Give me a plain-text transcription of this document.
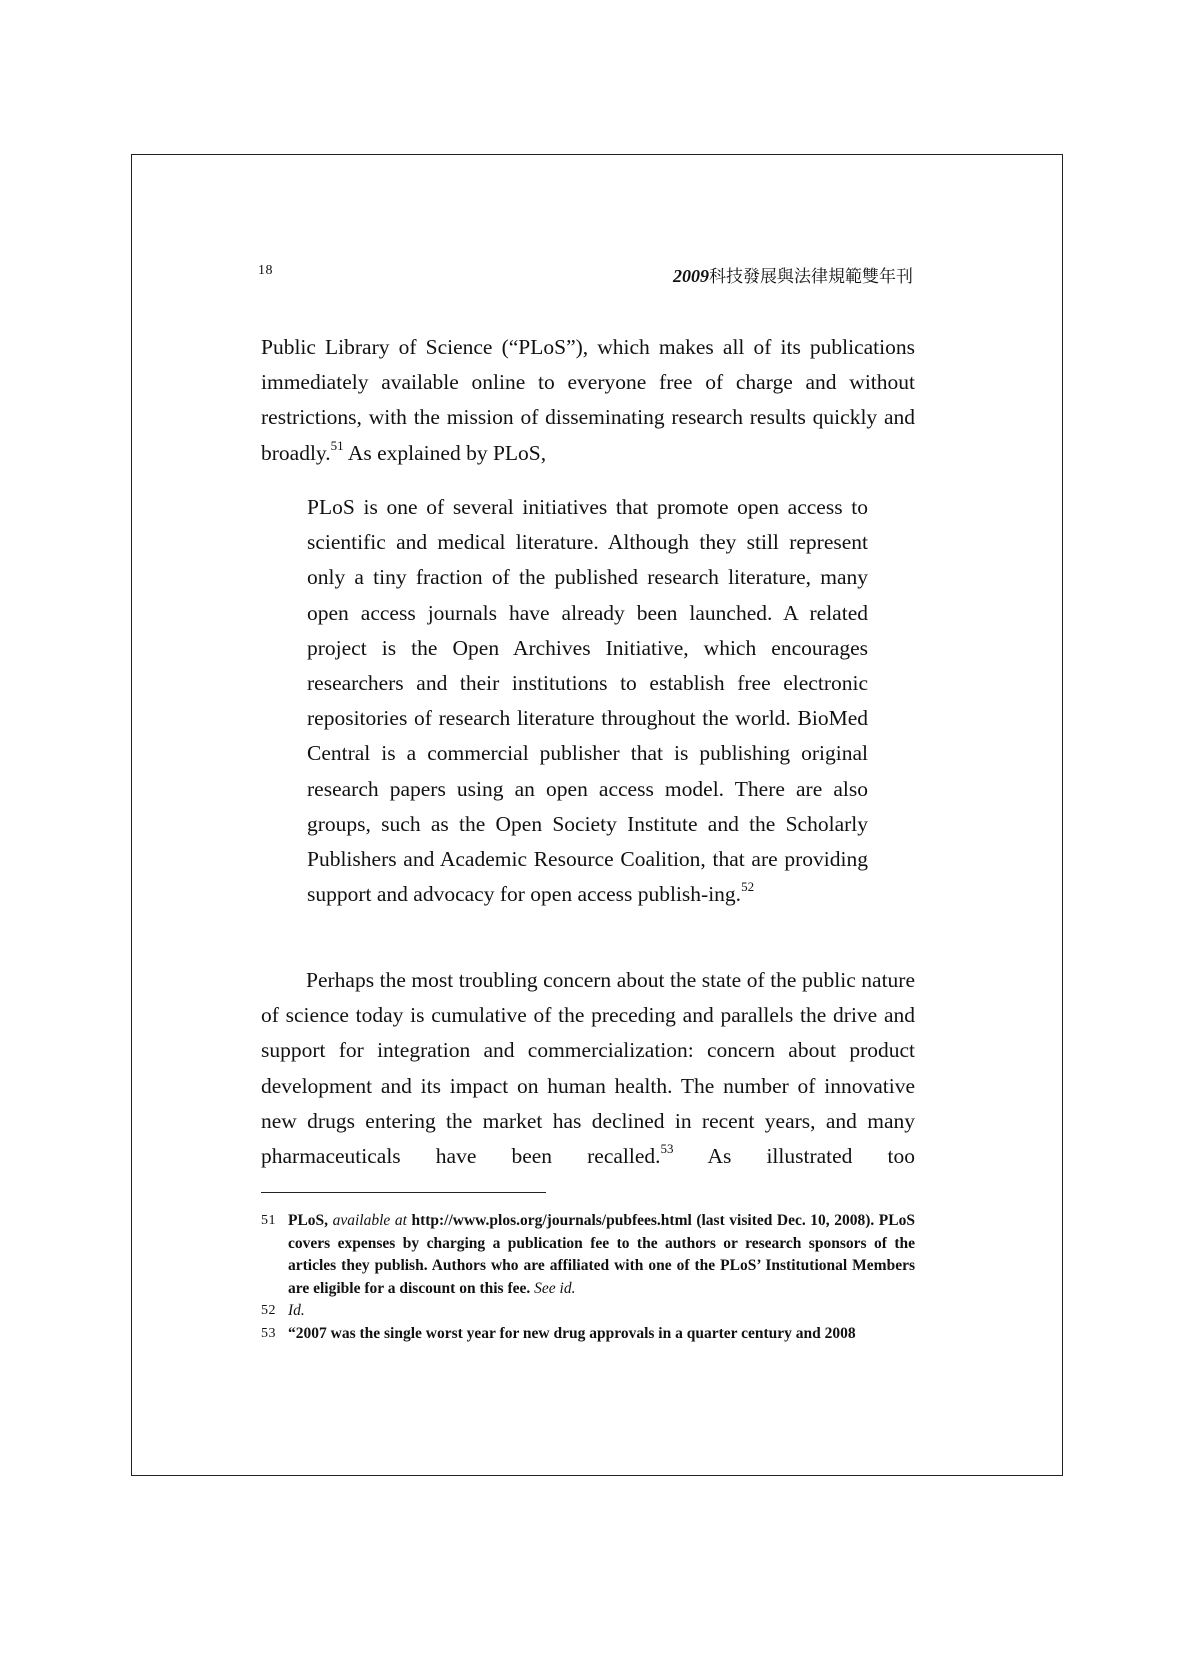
18	2009科技發展與法律規範雙年刊

Public Library of Science (“PLoS”), which makes all of its publications immediately available online to everyone free of charge and without restrictions, with the mission of disseminating research results quickly and broadly.$^{51}$ As explained by PLoS,

PLoS is one of several initiatives that promote open access to scientific and medical literature. Although they still represent only a tiny fraction of the published research literature, many open access journals have already been launched. A related project is the Open Archives Initiative, which encourages researchers and their institutions to establish free electronic repositories of research literature throughout the world. BioMed Central is a commercial publisher that is publishing original research papers using an open access model. There are also groups, such as the Open Society Institute and the Scholarly Publishers and Academic Resource Coalition, that are providing support and advocacy for open access publish-ing.$^{52}$

Perhaps the most troubling concern about the state of the public nature of science today is cumulative of the preceding and parallels the drive and support for integration and commercialization: concern about product development and its impact on human health. The number of innovative new drugs entering the market has declined in recent years, and many pharmaceuticals have been recalled.$^{53}$ As illustrated too

51 PLoS, available at http://www.plos.org/journals/pubfees.html (last visited Dec. 10, 2008). PLoS covers expenses by charging a publication fee to the authors or research sponsors of the articles they publish. Authors who are affiliated with one of the PLoS’ Institutional Members are eligible for a discount on this fee. See id.

52 Id.

53 “2007 was the single worst year for new drug approvals in a quarter century and 2008
